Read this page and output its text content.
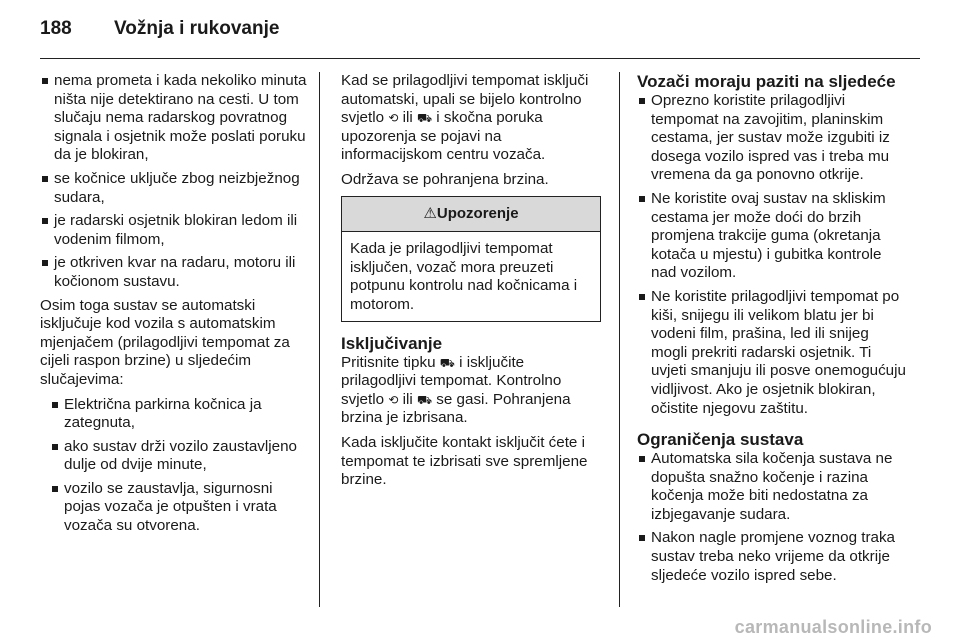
188 Vožnja i rukovanje
nema prometa i kada nekoliko minuta ništa nije detektirano na cesti. U tom slučaju nema radarskog povratnog signala i osjetnik može poslati poruku da je blokiran,
se kočnice uključe zbog neizbježnog sudara,
je radarski osjetnik blokiran ledom ili vodenim filmom,
je otkriven kvar na radaru, motoru ili kočionom sustavu.

Osim toga sustav se automatski isključuje kod vozila s automatskim mjenjačem (prilagodljivi tempomat za cijeli raspon brzine) u sljedećim slučajevima:

Električna parkirna kočnica ja zategnuta,
ako sustav drži vozilo zaustavljeno dulje od dvije minute,
vozilo se zaustavlja, sigurnosni pojas vozača je otpušten i vrata vozača su otvorena.

Kad se prilagodljivi tempomat isključi automatski, upali se bijelo kontrolno svjetlo ⟲ ili ⛟ i skočna poruka upozorenja se pojavi na informacijskom centru vozača.

Održava se pohranjena brzina.

⚠Upozorenje
Kada je prilagodljivi tempomat isključen, vozač mora preuzeti potpunu kontrolu nad kočnicama i motorom.
Isključivanje

Pritisnite tipku ⛟ i isključite prilagodljivi tempomat. Kontrolno svjetlo ⟲ ili ⛟ se gasi. Pohranjena brzina je izbrisana.

Kada isključite kontakt isključit ćete i tempomat te izbrisati sve spremljene brzine.

Vozači moraju paziti na sljedeće
Oprezno koristite prilagodljivi tempomat na zavojitim, planinskim cestama, jer sustav može izgubiti iz dosega vozilo ispred vas i treba mu vremena da ga ponovno otkrije.
Ne koristite ovaj sustav na skliskim cestama jer može doći do brzih promjena trakcije guma (okretanja kotača u mjestu) i gubitka kontrole nad vozilom.
Ne koristite prilagodljivi tempomat po kiši, snijegu ili velikom blatu jer bi vodeni film, prašina, led ili snijeg mogli prekriti radarski osjetnik. Ti uvjeti smanjuju ili posve onemogućuju vidljivost. Ako je osjetnik blokiran, očistite njegovu zaštitu.
Ograničenja sustava
Automatska sila kočenja sustava ne dopušta snažno kočenje i razina kočenja može biti nedostatna za izbjegavanje sudara.
Nakon nagle promjene voznog traka sustav treba neko vrijeme da otkrije sljedeće vozilo ispred sebe.
carmanualsonline.info
